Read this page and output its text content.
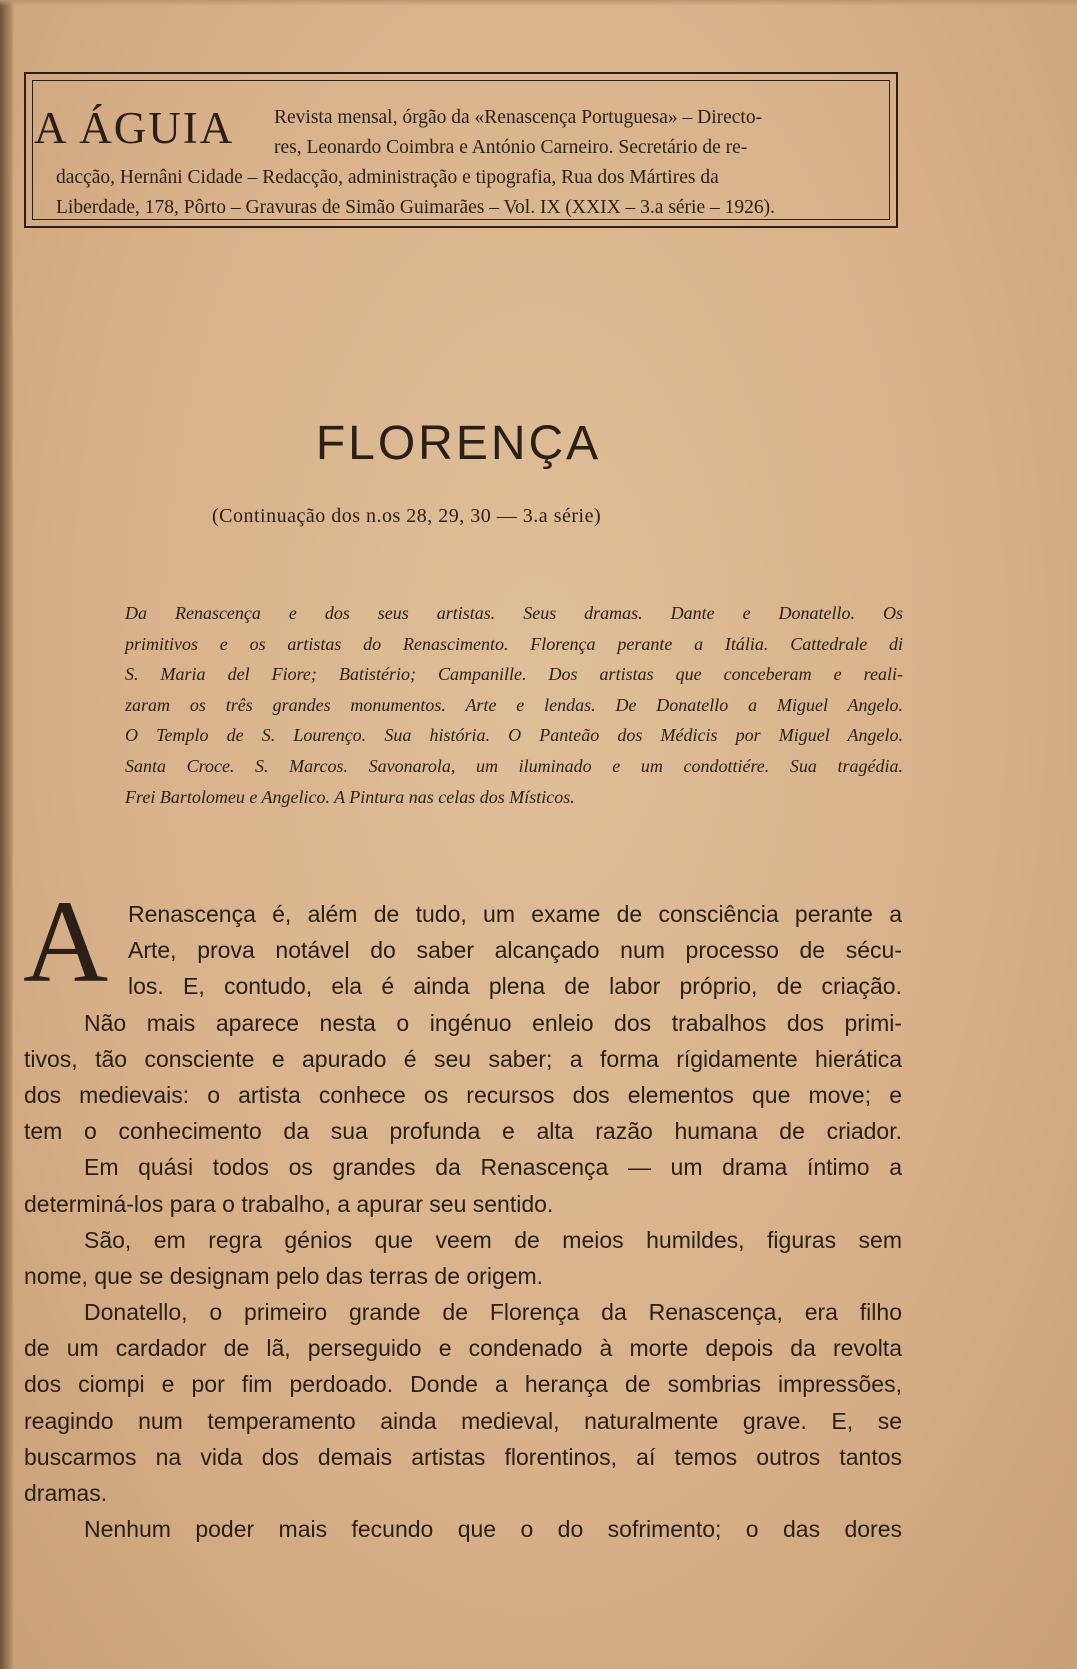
A ÁGUIA Revista mensal, órgão da «Renascença Portuguesa» – Directo-
res, Leonardo Coimbra e António Carneiro. Secretário de re-
dacção, Hernâni Cidade – Redacção, administração e tipografia, Rua dos Mártires da
Liberdade, 178, Pôrto – Gravuras de Simão Guimarães – Vol. IX (XXIX – 3.a série – 1926).
FLORENÇA
(Continuação dos n.os 28, 29, 30 — 3.a série)
Da Renascença e dos seus artistas. Seus dramas. Dante e Donatello. Os
primitivos e os artistas do Renascimento. Florença perante a Itália. Cattedrale di
S. Maria del Fiore; Batistério; Campanille. Dos artistas que conceberam e reali-
zaram os três grandes monumentos. Arte e lendas. De Donatello a Miguel Angelo.
O Templo de S. Lourenço. Sua história. O Panteão dos Médicis por Miguel Angelo.
Santa Croce. S. Marcos. Savonarola, um iluminado e um condottiére. Sua tragédia.
Frei Bartolomeu e Angelico. A Pintura nas celas dos Místicos.
A Renascença é, além de tudo, um exame de consciência perante a
Arte, prova notável do saber alcançado num processo de sécu-
los. E, contudo, ela é ainda plena de labor próprio, de criação.
Não mais aparece nesta o ingénuo enleio dos trabalhos dos primi-
tivos, tão consciente e apurado é seu saber; a forma rígidamente hierática
dos medievais: o artista conhece os recursos dos elementos que move; e
tem o conhecimento da sua profunda e alta razão humana de criador.
Em quási todos os grandes da Renascença — um drama íntimo a
determiná-los para o trabalho, a apurar seu sentido.
São, em regra génios que veem de meios humildes, figuras sem
nome, que se designam pelo das terras de origem.
Donatello, o primeiro grande de Florença da Renascença, era filho
de um cardador de lã, perseguido e condenado à morte depois da revolta
dos ciompi e por fim perdoado. Donde a herança de sombrias impressões,
reagindo num temperamento ainda medieval, naturalmente grave. E, se
buscarmos na vida dos demais artistas florentinos, aí temos outros tantos
dramas.
Nenhum poder mais fecundo que o do sofrimento; o das dores
